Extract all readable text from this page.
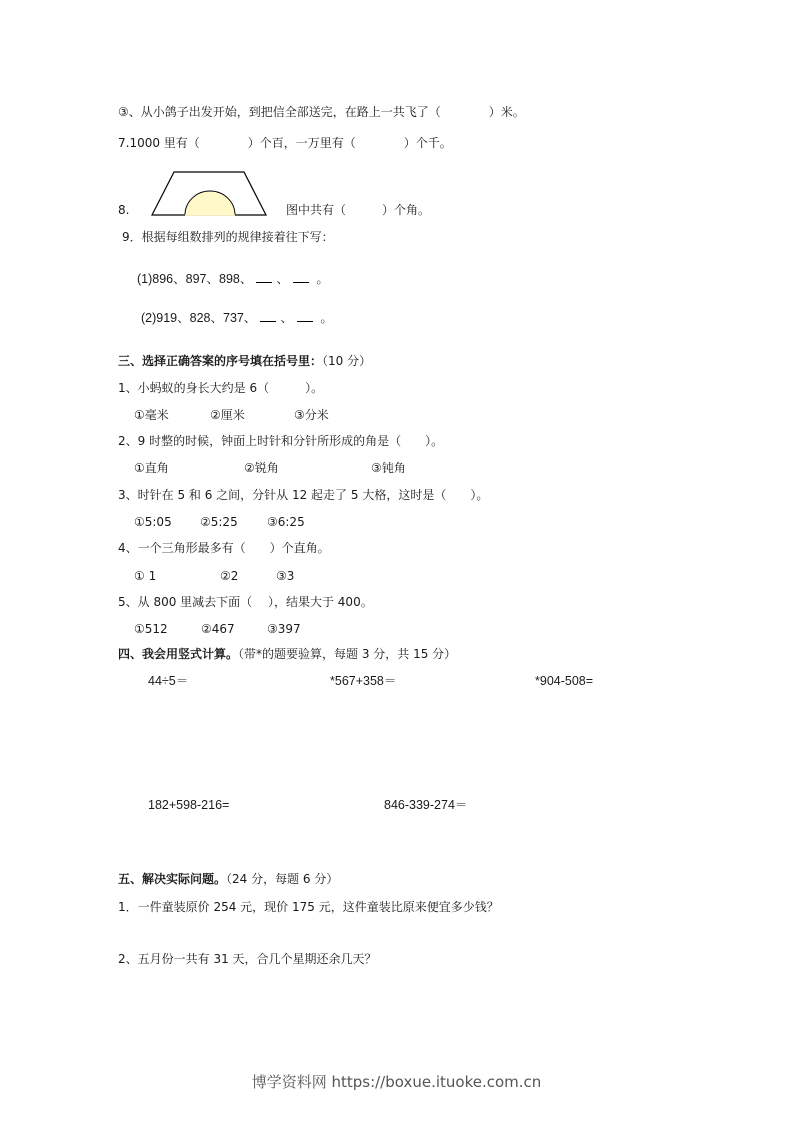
③、从小鸽子出发开始，到把信全部送完，在路上一共飞了（　　　　）米。
7.1000 里有（　　　　）个百，一万里有（　　　　）个千。
8.	图中共有（　　　）个角。
9．根据每组数排列的规律接着往下写：
(1)896、897、898、 、 。
(2)919、828、737、 、 。
三、选择正确答案的序号填在括号里：（10 分）
1、小蚂蚁的身长大约是 6（　　　）。
①毫米	②厘米	③分米
2、9 时整的时候，钟面上时针和分针所形成的角是（　　）。
①直角	②锐角	③钝角
3、时针在 5 和 6 之间，分针从 12 起走了 5 大格，这时是（　　）。
①5:05 ②5:25 ③6:25
4、一个三角形最多有（　　）个直角。
① 1	②2	③3
5、从 800 里减去下面（　 ），结果大于 400。
①512	②467	③397
四、我会用竖式计算。（带*的题要验算，每题 3 分，共 15 分）
44÷5＝	*567+358＝	*904-508=
182+598-216=	846-339-274＝
五、解决实际问题。（24 分，每题 6 分）
1．一件童装原价 254 元，现价 175 元，这件童装比原来便宜多少钱？
2、五月份一共有 31 天，合几个星期还余几天？
博学资料网 https://boxue.ituoke.com.cn
